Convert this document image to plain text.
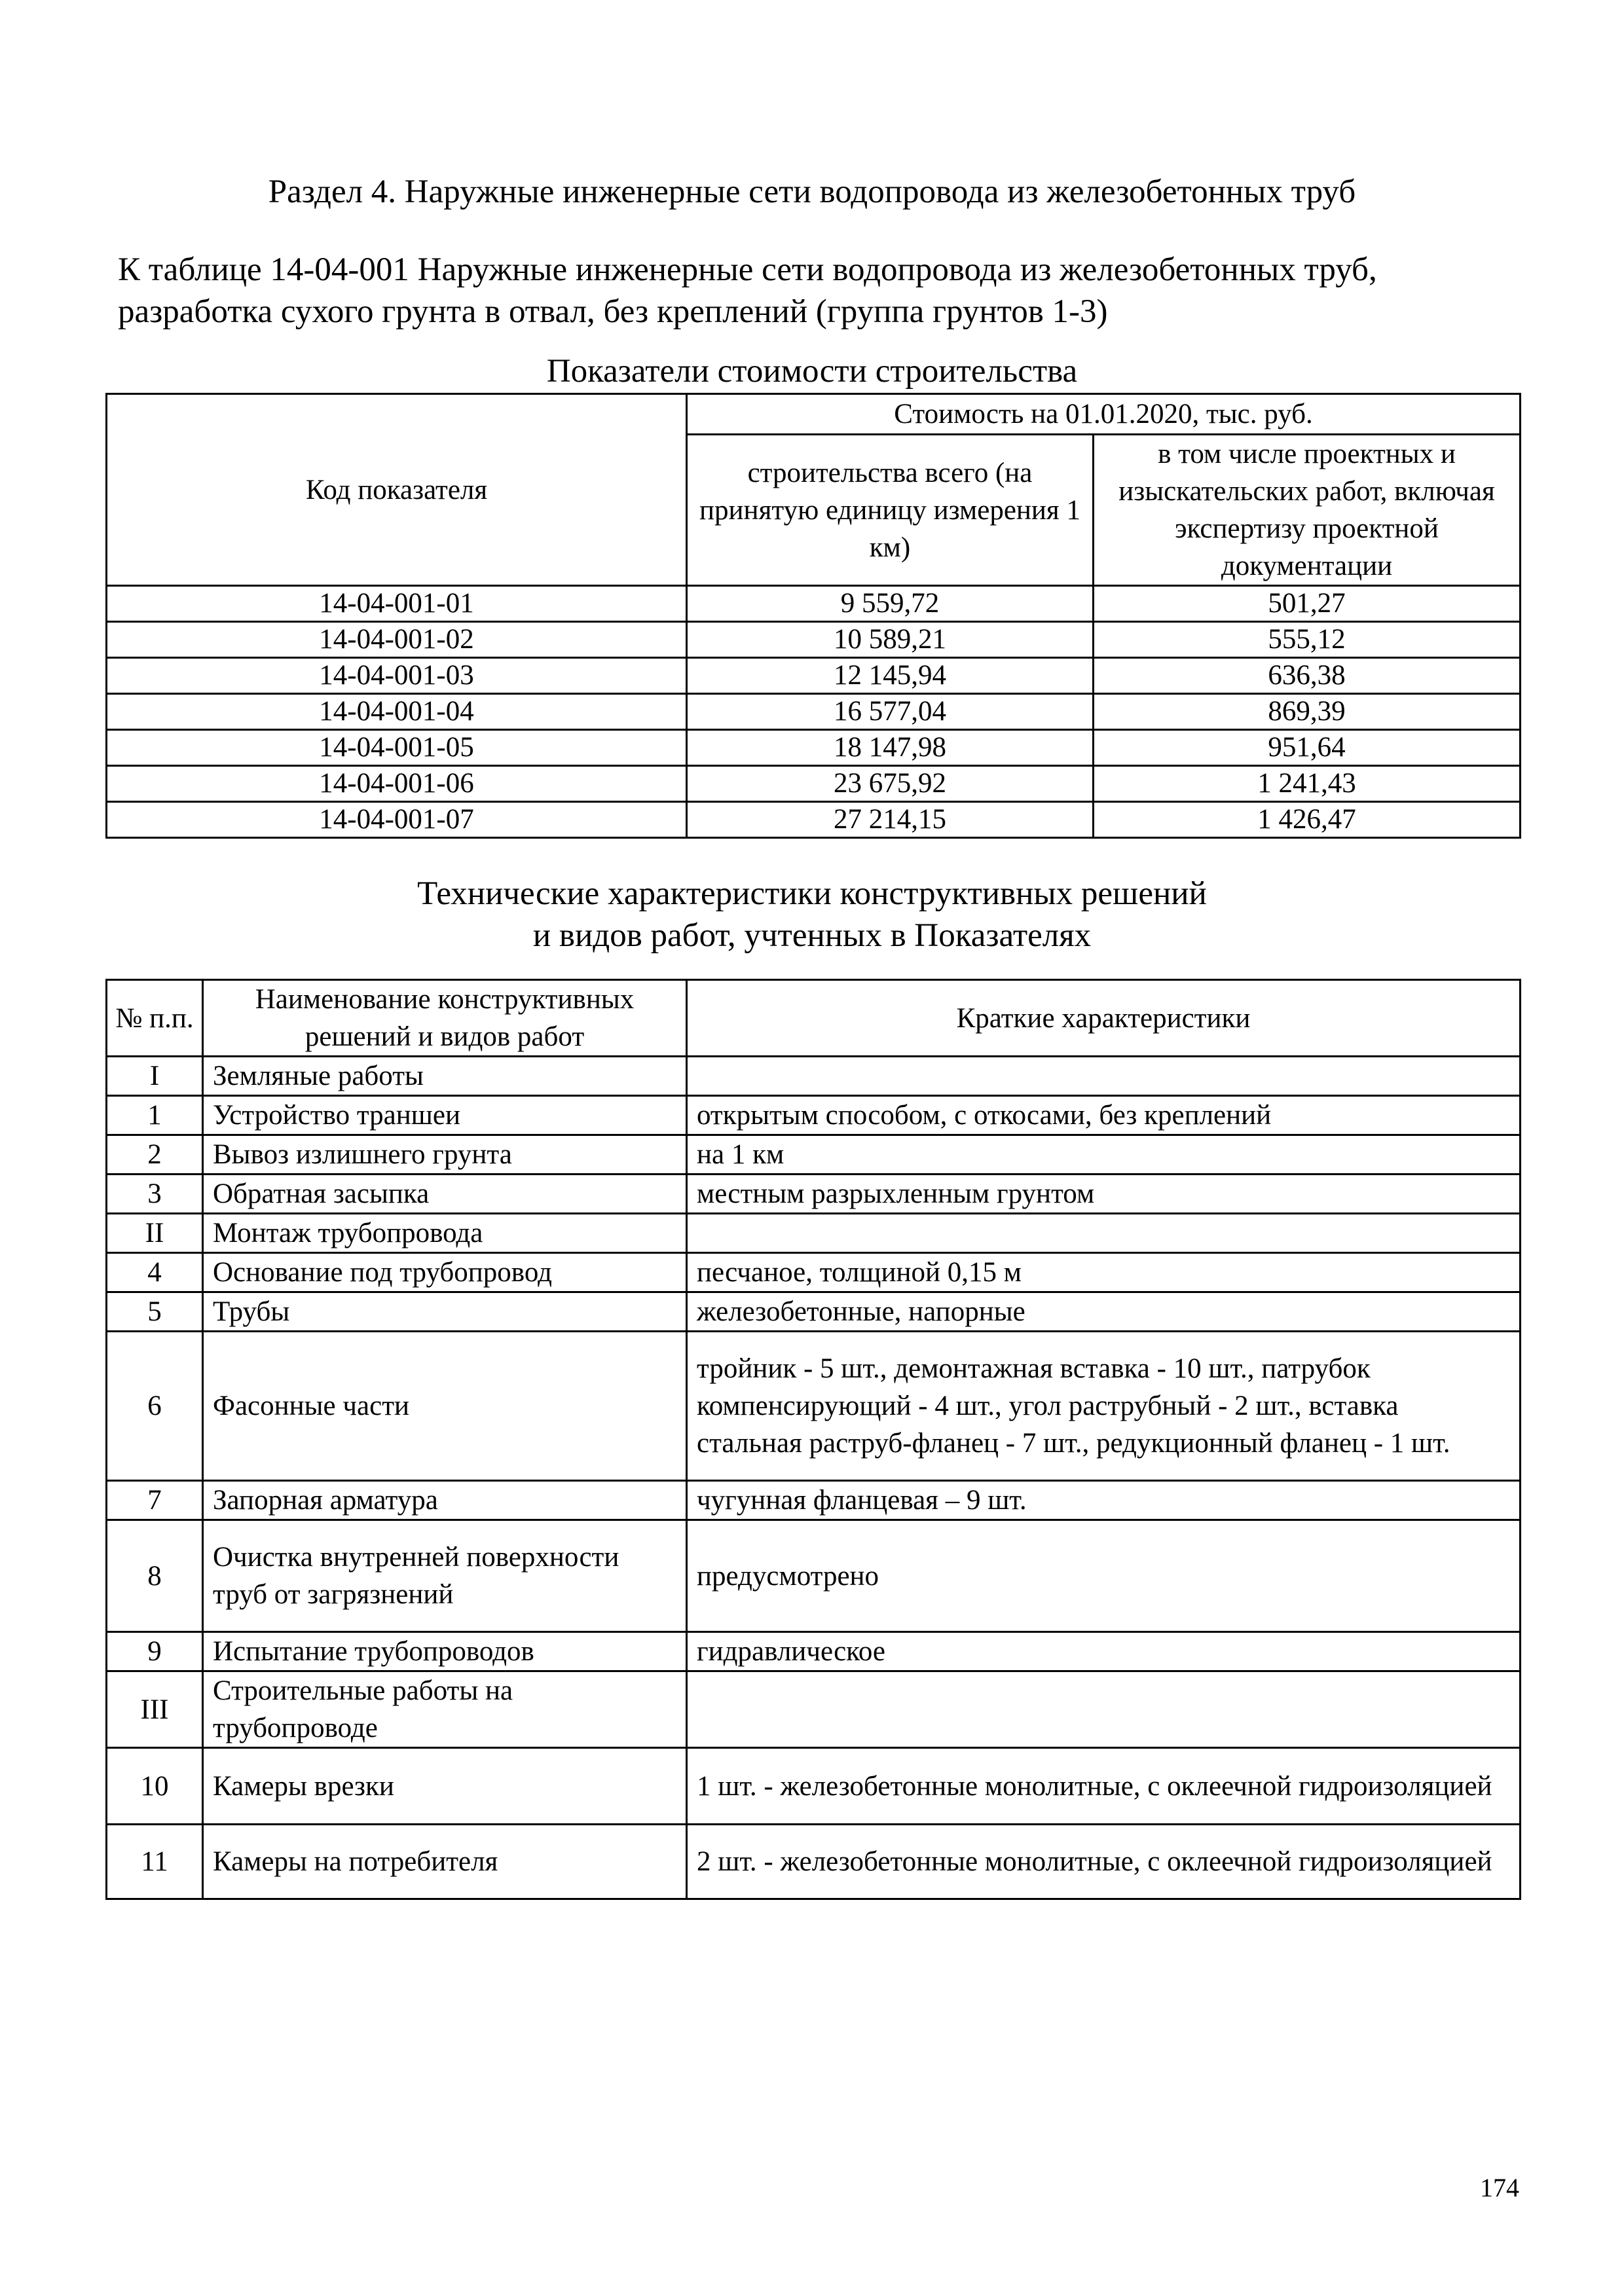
Раздел 4. Наружные инженерные сети водопровода из железобетонных труб
К таблице 14-04-001 Наружные инженерные сети водопровода из железобетонных труб, разработка сухого грунта в отвал, без креплений (группа грунтов 1-3)
Показатели стоимости строительства
Код показателя	Стоимость на 01.01.2020, тыс. руб.	
	строительства всего (на принятую единицу измерения 1 км)	в том числе проектных и изыскательских работ, включая экспертизу проектной документации
14-04-001-01	9 559,72	501,27
14-04-001-02	10 589,21	555,12
14-04-001-03	12 145,94	636,38
14-04-001-04	16 577,04	869,39
14-04-001-05	18 147,98	951,64
14-04-001-06	23 675,92	1 241,43
14-04-001-07	27 214,15	1 426,47
Технические характеристики конструктивных решений
и видов работ, учтенных в Показателях
№ п.п.	Наименование конструктивных решений и видов работ	Краткие характеристики
I	Земляные работы	
1	Устройство траншеи	открытым способом, с откосами, без креплений
2	Вывоз излишнего грунта	на 1 км
3	Обратная засыпка	местным разрыхленным грунтом
II	Монтаж трубопровода	
4	Основание под трубопровод	песчаное, толщиной 0,15 м
5	Трубы	железобетонные, напорные
6	Фасонные части	тройник - 5 шт., демонтажная вставка - 10 шт., патрубок компенсирующий - 4 шт., угол раструбный - 2 шт., вставка стальная раструб-фланец - 7 шт., редукционный фланец - 1 шт.
7	Запорная арматура	чугунная фланцевая – 9 шт.
8	Очистка внутренней поверхности труб от загрязнений	предусмотрено
9	Испытание трубопроводов	гидравлическое
III	Строительные работы на трубопроводе	
10	Камеры врезки	1 шт. - железобетонные монолитные, с оклеечной гидроизоляцией
11	Камеры на потребителя	2 шт. - железобетонные монолитные, с оклеечной гидроизоляцией
174
